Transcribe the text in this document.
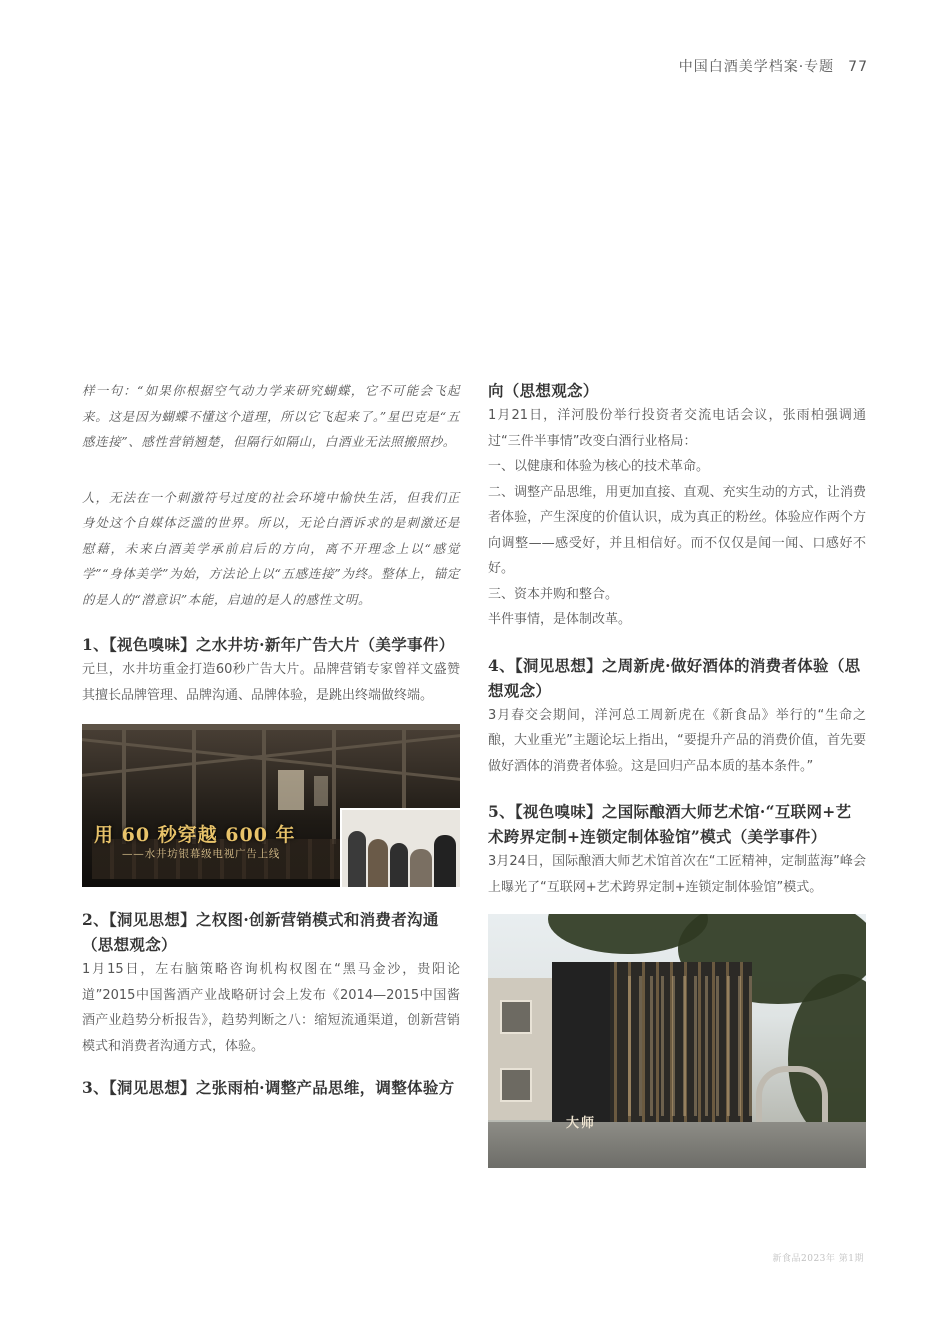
中国白酒美学档案·专题 77

样一句：“如果你根据空气动力学来研究蝴蝶，它不可能会飞起来。这是因为蝴蝶不懂这个道理，所以它飞起来了。”星巴克是“五感连接”、感性营销翘楚，但隔行如隔山，白酒业无法照搬照抄。

人，无法在一个刺激符号过度的社会环境中愉快生活，但我们正身处这个自媒体泛滥的世界。所以，无论白酒诉求的是刺激还是慰藉，未来白酒美学承前启后的方向，离不开理念上以“感觉学”“身体美学”为始，方法论上以“五感连接”为终。整体上，锚定的是人的“潜意识”本能，启迪的是人的感性文明。

1、【视色嗅味】之水井坊·新年广告大片（美学事件）

元旦，水井坊重金打造60秒广告大片。品牌营销专家曾祥文盛赞其擅长品牌管理、品牌沟通、品牌体验，是跳出终端做终端。

用 60 秒穿越 600 年
——水井坊银幕级电视广告上线

2、【洞见思想】之权图·创新营销模式和消费者沟通（思想观念）

1月15日，左右脑策略咨询机构权图在“黑马金沙，贵阳论道”2015中国酱酒产业战略研讨会上发布《2014—2015中国酱酒产业趋势分析报告》，趋势判断之八：缩短流通渠道，创新营销模式和消费者沟通方式，体验。

3、【洞见思想】之张雨柏·调整产品思维，调整体验方

向（思想观念）

1月21日，洋河股份举行投资者交流电话会议，张雨柏强调通过“三件半事情”改变白酒行业格局：

一、以健康和体验为核心的技术革命。

二、调整产品思维，用更加直接、直观、充实生动的方式，让消费者体验，产生深度的价值认识，成为真正的粉丝。体验应作两个方向调整——感受好，并且相信好。而不仅仅是闻一闻、口感好不好。

三、资本并购和整合。

半件事情，是体制改革。

4、【洞见思想】之周新虎·做好酒体的消费者体验（思想观念）

3月春交会期间，洋河总工周新虎在《新食品》举行的“生命之酿，大业重光”主题论坛上指出，“要提升产品的消费价值，首先要做好酒体的消费者体验。这是回归产品本质的基本条件。”

5、【视色嗅味】之国际酿酒大师艺术馆·“互联网+艺术跨界定制+连锁定制体验馆”模式（美学事件）

3月24日，国际酿酒大师艺术馆首次在“工匠精神，定制蓝海”峰会上曝光了“互联网+艺术跨界定制+连锁定制体验馆”模式。

大师
新食品2023年 第1期
